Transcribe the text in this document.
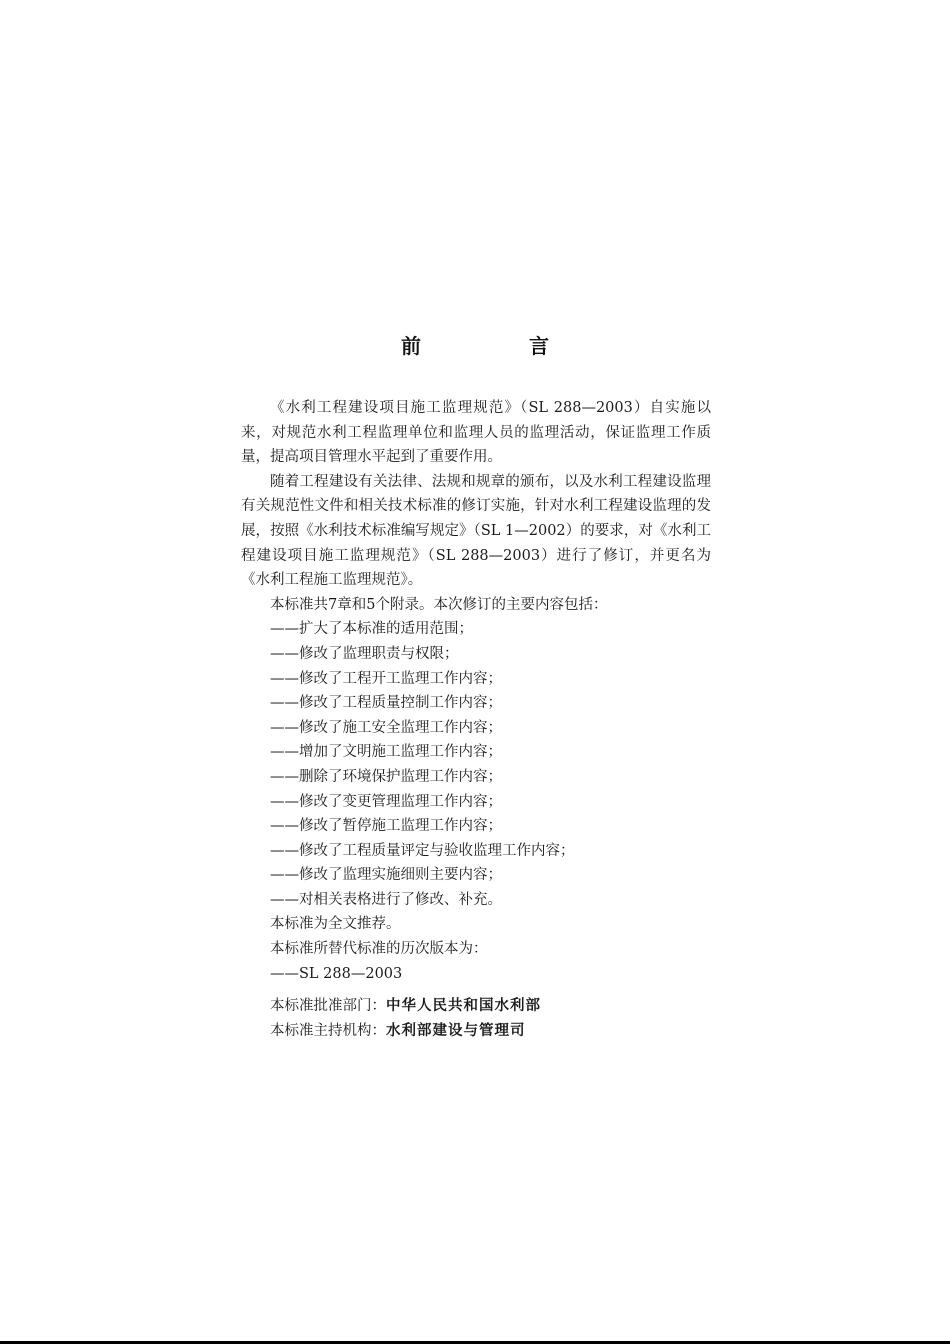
前　言

《水利工程建设项目施工监理规范》（SL 288—2003）自实施以来，对规范水利工程监理单位和监理人员的监理活动，保证监理工作质量，提高项目管理水平起到了重要作用。

随着工程建设有关法律、法规和规章的颁布，以及水利工程建设监理有关规范性文件和相关技术标准的修订实施，针对水利工程建设监理的发展，按照《水利技术标准编写规定》（SL 1—2002）的要求，对《水利工程建设项目施工监理规范》（SL 288—2003）进行了修订，并更名为《水利工程施工监理规范》。

本标准共7章和5个附录。本次修订的主要内容包括：

——扩大了本标准的适用范围；

——修改了监理职责与权限；

——修改了工程开工监理工作内容；

——修改了工程质量控制工作内容；

——修改了施工安全监理工作内容；

——增加了文明施工监理工作内容；

——删除了环境保护监理工作内容；

——修改了变更管理监理工作内容；

——修改了暂停施工监理工作内容；

——修改了工程质量评定与验收监理工作内容；

——修改了监理实施细则主要内容；

——对相关表格进行了修改、补充。

本标准为全文推荐。

本标准所替代标准的历次版本为：

——SL 288—2003

本标准批准部门：中华人民共和国水利部

本标准主持机构：水利部建设与管理司
